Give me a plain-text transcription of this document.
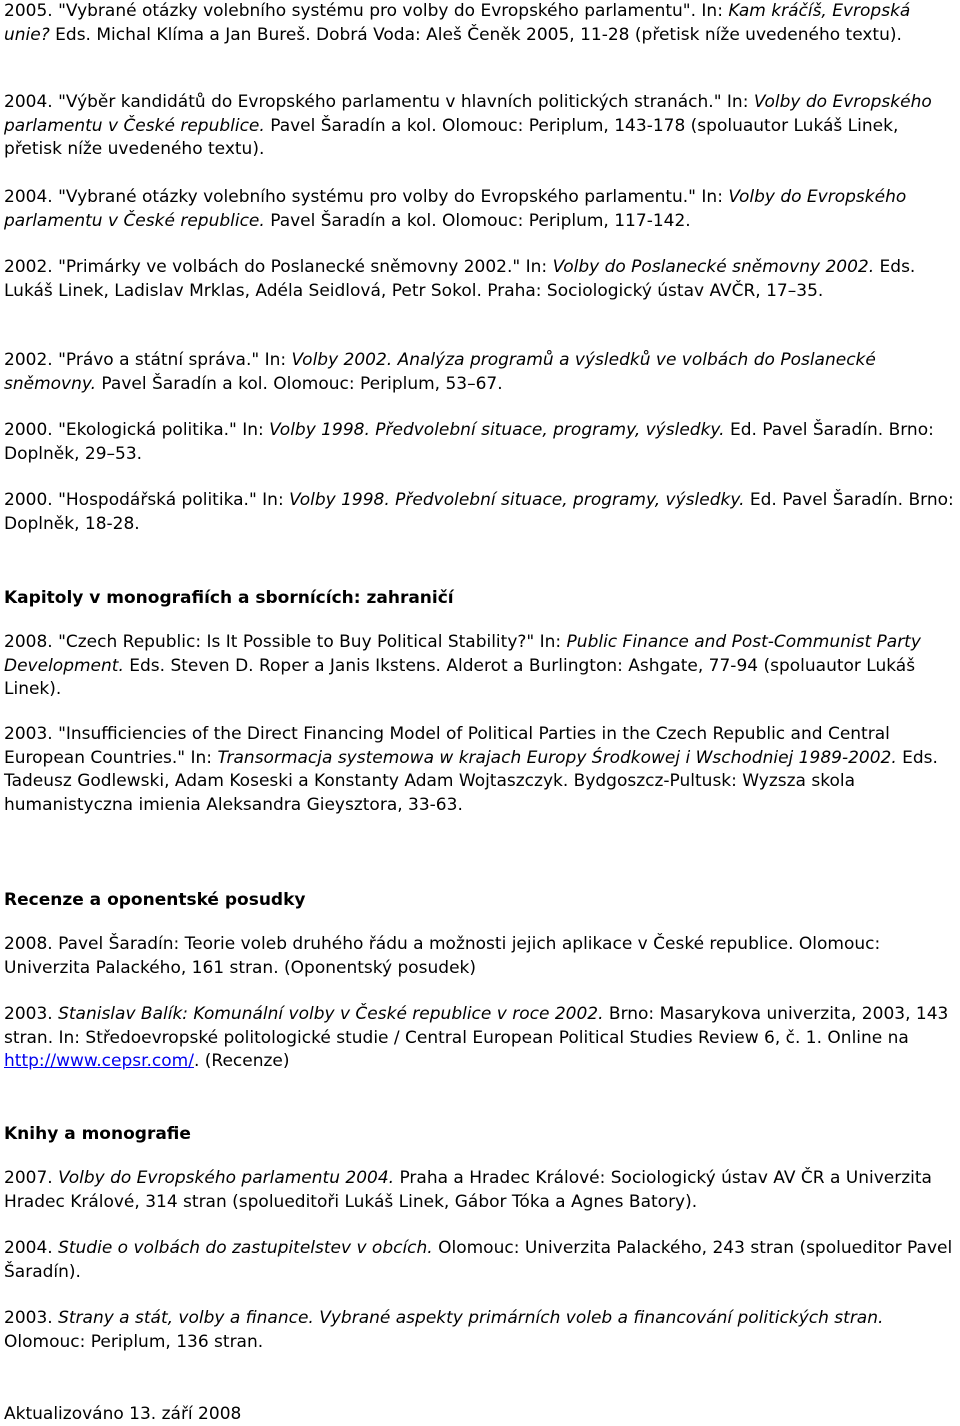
2005. "Vybrané otázky volebního systému pro volby do Evropského parlamentu". In: Kam kráčíš, Evropská unie? Eds. Michal Klíma a Jan Bureš. Dobrá Voda: Aleš Čeněk 2005, 11-28 (přetisk níže uvedeného textu).

2004. "Výběr kandidátů do Evropského parlamentu v hlavních politických stranách." In: Volby do Evropského parlamentu v České republice. Pavel Šaradín a kol. Olomouc: Periplum, 143-178 (spoluautor Lukáš Linek, přetisk níže uvedeného textu).

2004. "Vybrané otázky volebního systému pro volby do Evropského parlamentu." In: Volby do Evropského parlamentu v České republice. Pavel Šaradín a kol. Olomouc: Periplum, 117-142.

2002. "Primárky ve volbách do Poslanecké sněmovny 2002." In: Volby do Poslanecké sněmovny 2002. Eds. Lukáš Linek, Ladislav Mrklas, Adéla Seidlová, Petr Sokol. Praha: Sociologický ústav AVČR, 17–35.

2002. "Právo a státní správa." In: Volby 2002. Analýza programů a výsledků ve volbách do Poslanecké sněmovny. Pavel Šaradín a kol. Olomouc: Periplum, 53–67.

2000. "Ekologická politika." In: Volby 1998. Předvolební situace, programy, výsledky. Ed. Pavel Šaradín. Brno: Doplněk, 29–53.

2000. "Hospodářská politika." In: Volby 1998. Předvolební situace, programy, výsledky. Ed. Pavel Šaradín. Brno: Doplněk, 18-28.

Kapitoly v monografiích a sbornících: zahraničí

2008. "Czech Republic: Is It Possible to Buy Political Stability?" In: Public Finance and Post-Communist Party Development. Eds. Steven D. Roper a Janis Ikstens. Alderot a Burlington: Ashgate, 77-94 (spoluautor Lukáš Linek).

2003. "Insufficiencies of the Direct Financing Model of Political Parties in the Czech Republic and Central European Countries." In: Transormacja systemowa w krajach Europy Środkowej i Wschodniej 1989-2002. Eds. Tadeusz Godlewski, Adam Koseski a Konstanty Adam Wojtaszczyk. Bydgoszcz-Pultusk: Wyzsza skola humanistyczna imienia Aleksandra Gieysztora, 33-63.

Recenze a oponentské posudky

2008. Pavel Šaradín: Teorie voleb druhého řádu a možnosti jejich aplikace v České republice. Olomouc: Univerzita Palackého, 161 stran. (Oponentský posudek)

2003. Stanislav Balík: Komunální volby v České republice v roce 2002. Brno: Masarykova univerzita, 2003, 143 stran. In: Středoevropské politologické studie / Central European Political Studies Review 6, č. 1. Online na http://www.cepsr.com/. (Recenze)

Knihy a monografie

2007. Volby do Evropského parlamentu 2004. Praha a Hradec Králové: Sociologický ústav AV ČR a Univerzita Hradec Králové, 314 stran (spolueditoři Lukáš Linek, Gábor Tóka a Agnes Batory).

2004. Studie o volbách do zastupitelstev v obcích. Olomouc: Univerzita Palackého, 243 stran (spolueditor Pavel Šaradín).

2003. Strany a stát, volby a finance. Vybrané aspekty primárních voleb a financování politických stran. Olomouc: Periplum, 136 stran.

Aktualizováno 13. září 2008
